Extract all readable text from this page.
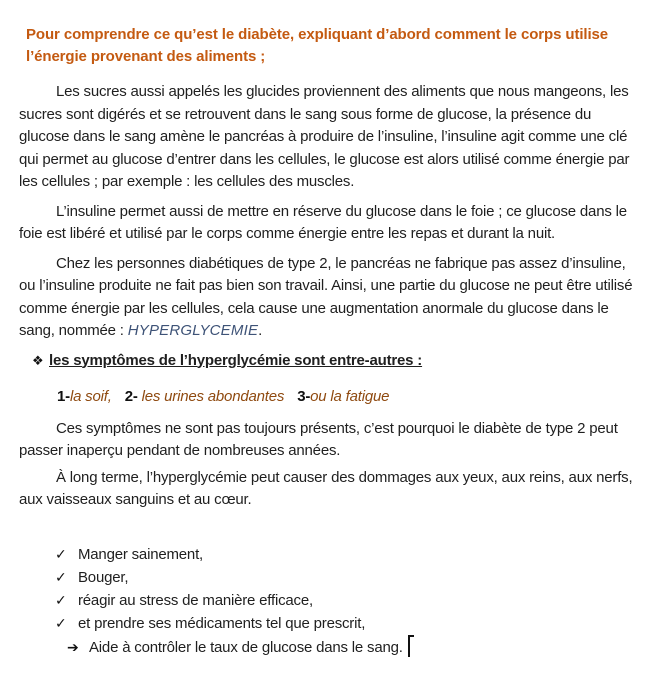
Pour comprendre ce qu’est le diabète, expliquant d’abord comment le corps utilise
l’énergie provenant des aliments ;

Les sucres aussi appelés les glucides proviennent des aliments que nous mangeons, les sucres sont digérés et se retrouvent dans le sang sous forme de glucose, la présence du glucose dans le sang amène le pancréas à produire de l’insuline, l’insuline agit comme une clé qui permet au glucose d’entrer dans les cellules, le glucose est alors utilisé comme énergie par les cellules ; par exemple : les cellules des muscles.

L’insuline permet aussi de mettre en réserve du glucose dans le foie ; ce glucose dans le foie est libéré et utilisé par le corps comme énergie entre les repas et durant la nuit.

Chez les personnes diabétiques de type 2, le pancréas ne fabrique pas assez d’insuline, ou l’insuline produite ne fait pas bien son travail. Ainsi, une partie du glucose ne peut être utilisé comme énergie par les cellules, cela cause une augmentation anormale du glucose dans le sang, nommée : HYPERGLYCEMIE.

❖ les symptômes de l’hyperglycémie sont entre-autres :
1-la soif, 2- les urines abondantes 3-ou la fatigue

Ces symptômes ne sont pas toujours présents, c’est pourquoi le diabète de type 2 peut passer inaperçu pendant de nombreuses années.

À long terme, l’hyperglycémie peut causer des dommages aux yeux, aux reins, aux nerfs, aux vaisseaux sanguins et au cœur.

✓ Manger sainement,
✓ Bouger,
✓ réagir au stress de manière efficace,
✓ et prendre ses médicaments tel que prescrit,
➔ Aide à contrôler le taux de glucose dans le sang.
